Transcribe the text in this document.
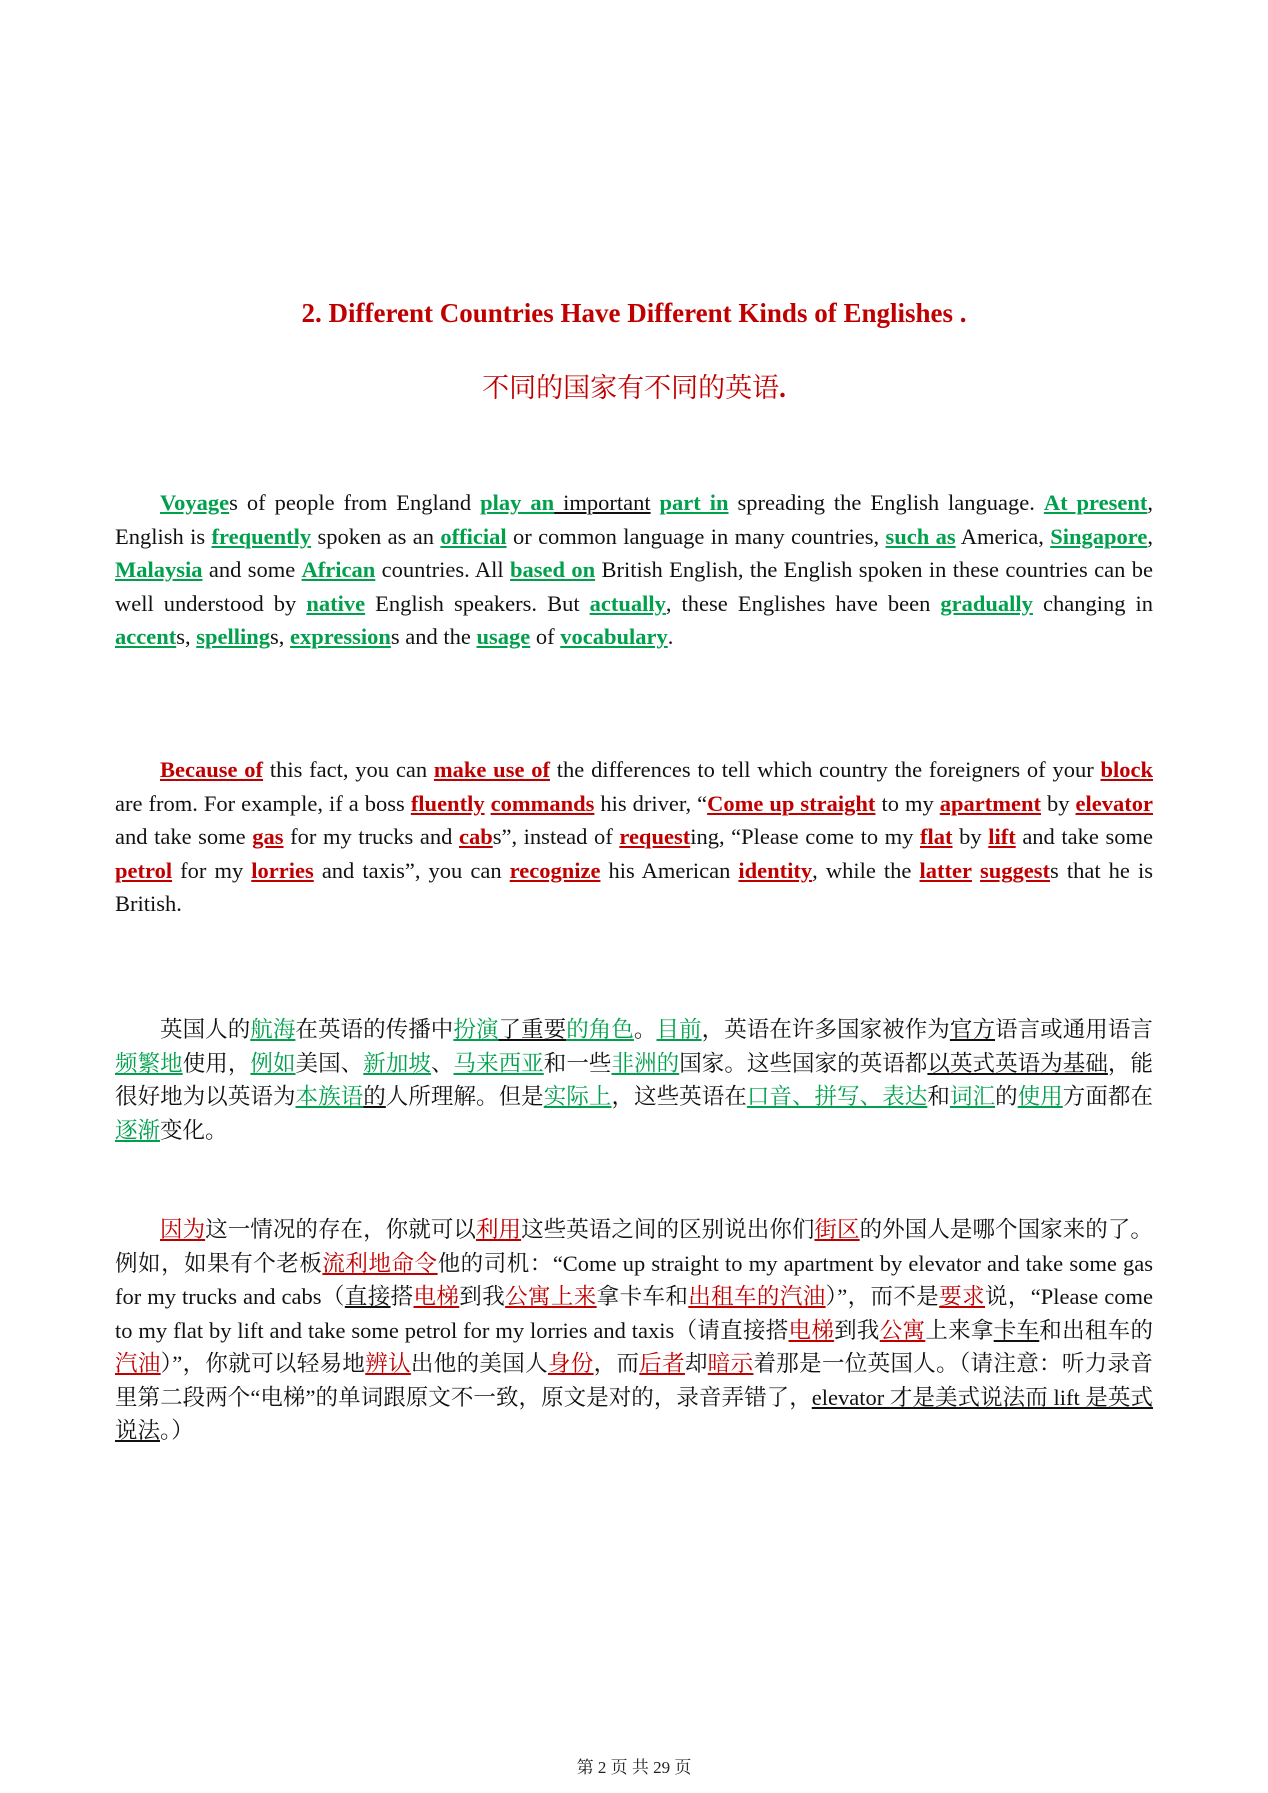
2. Different Countries Have Different Kinds of Englishes .
不同的国家有不同的英语.

Voyages of people from England play an important part in spreading the English language. At present, English is frequently spoken as an official or common language in many countries, such as America, Singapore, Malaysia and some African countries. All based on British English, the English spoken in these countries can be well understood by native English speakers. But actually, these Englishes have been gradually changing in accents, spellings, expressions and the usage of vocabulary.

Because of this fact, you can make use of the differences to tell which country the foreigners of your block are from. For example, if a boss fluently commands his driver, “Come up straight to my apartment by elevator and take some gas for my trucks and cabs”, instead of requesting, “Please come to my flat by lift and take some petrol for my lorries and taxis”, you can recognize his American identity, while the latter suggests that he is British.

英国人的航海在英语的传播中扮演了重要的角色。目前，英语在许多国家被作为官方语言或通用语言频繁地使用，例如美国、新加坡、马来西亚和一些非洲的国家。这些国家的英语都以英式英语为基础，能很好地为以英语为本族语的人所理解。但是实际上，这些英语在口音、拼写、表达和词汇的使用方面都在逐渐变化。

因为这一情况的存在，你就可以利用这些英语之间的区别说出你们街区的外国人是哪个国家来的了。例如，如果有个老板流利地命令他的司机：“Come up straight to my apartment by elevator and take some gas for my trucks and cabs（直接搭电梯到我公寓上来拿卡车和出租车的汽油）”，而不是要求说，“Please come to my flat by lift and take some petrol for my lorries and taxis（请直接搭电梯到我公寓上来拿卡车和出租车的汽油）”，你就可以轻易地辨认出他的美国人身份，而后者却暗示着那是一位英国人。（请注意：听力录音里第二段两个“电梯”的单词跟原文不一致，原文是对的，录音弄错了，elevator 才是美式说法而 lift 是英式说法。）

第 2 页 共 29 页
